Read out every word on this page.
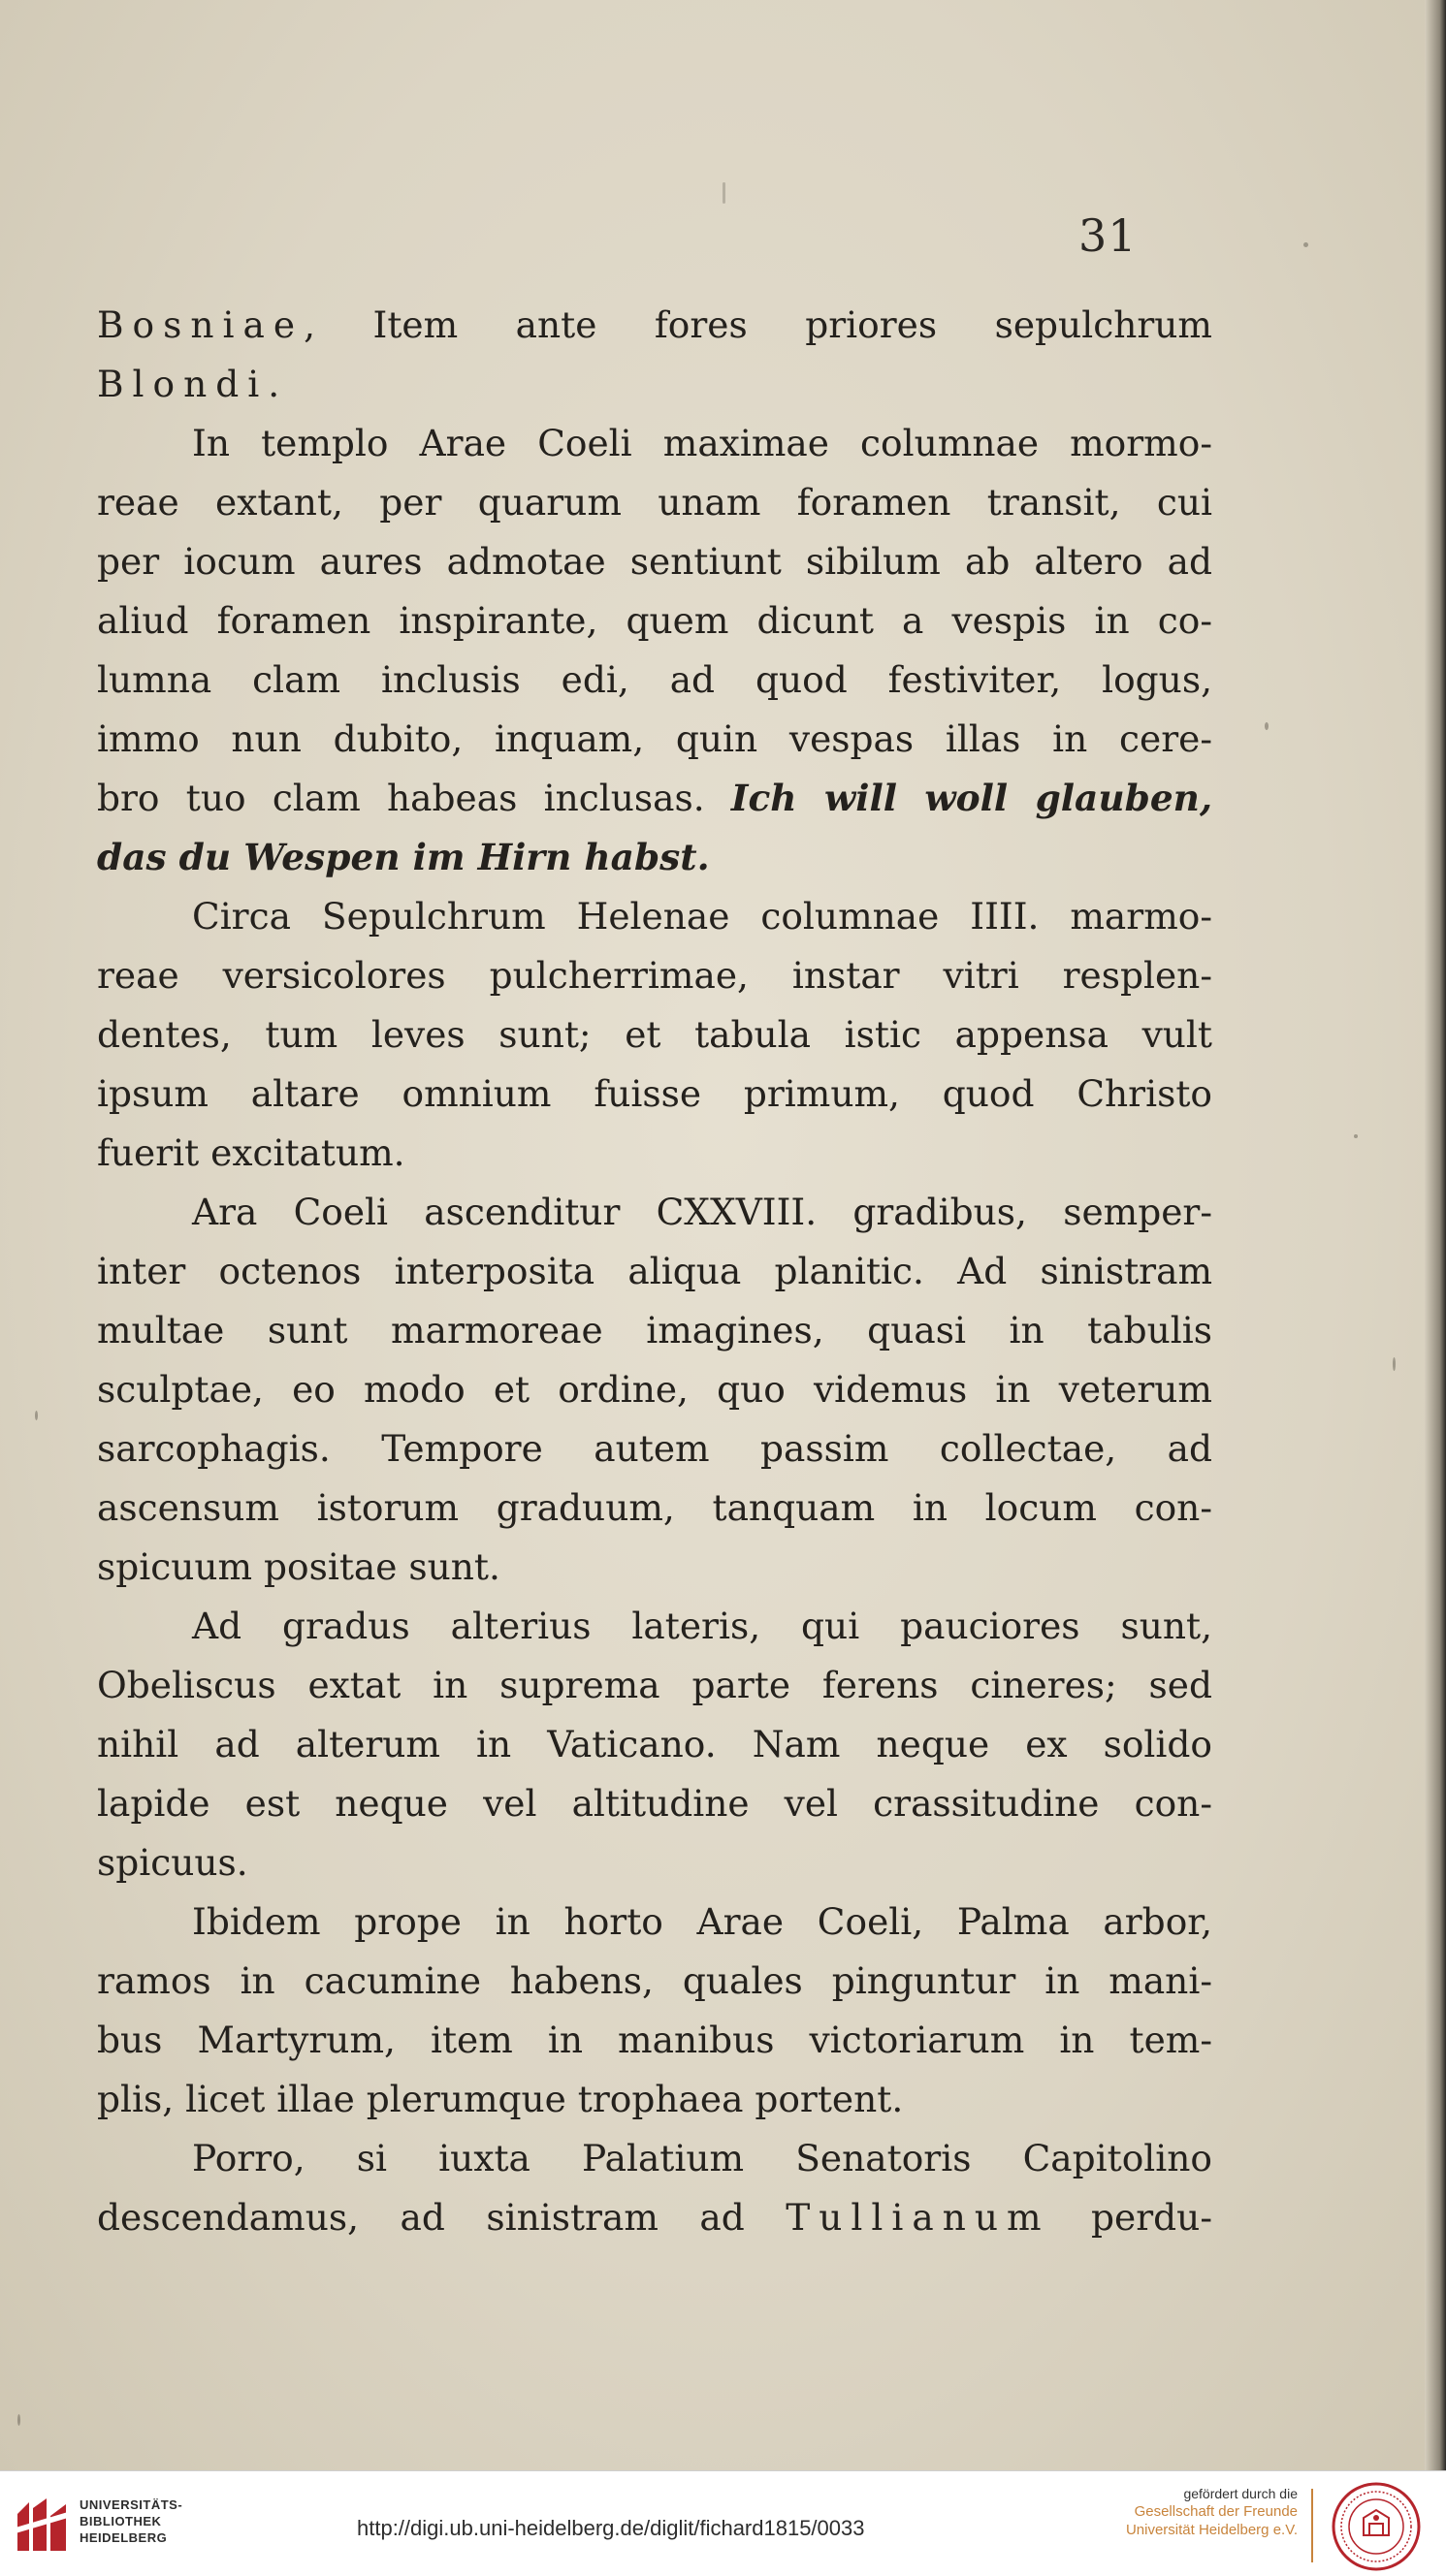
31
Bosniae, Item ante fores priores sepulchrum
Blondi.
In templo Arae Coeli maximae columnae mormo-
reae extant, per quarum unam foramen transit, cui
per iocum aures admotae sentiunt sibilum ab altero ad
aliud foramen inspirante, quem dicunt a vespis in co-
lumna clam inclusis edi, ad quod festiviter, logus,
immo nun dubito, inquam, quin vespas illas in cere-
bro tuo clam habeas inclusas. Ich will woll glauben,
das du Wespen im Hirn habst.
Circa Sepulchrum Helenae columnae IIII. marmo-
reae versicolores pulcherrimae, instar vitri resplen-
dentes, tum leves sunt; et tabula istic appensa vult
ipsum altare omnium fuisse primum, quod Christo
fuerit excitatum.
Ara Coeli ascenditur CXXVIII. gradibus, semper-
inter octenos interposita aliqua planitic. Ad sinistram
multae sunt marmoreae imagines, quasi in tabulis
sculptae, eo modo et ordine, quo videmus in veterum
sarcophagis. Tempore autem passim collectae, ad
ascensum istorum graduum, tanquam in locum con-
spicuum positae sunt.
Ad gradus alterius lateris, qui pauciores sunt,
Obeliscus extat in suprema parte ferens cineres; sed
nihil ad alterum in Vaticano. Nam neque ex solido
lapide est neque vel altitudine vel crassitudine con-
spicuus.
Ibidem prope in horto Arae Coeli, Palma arbor,
ramos in cacumine habens, quales pinguntur in mani-
bus Martyrum, item in manibus victoriarum in tem-
plis, licet illae plerumque trophaea portent.
Porro, si iuxta Palatium Senatoris Capitolino
descendamus, ad sinistram ad Tullianum perdu-
UNIVERSITÄTS-
BIBLIOTHEK
HEIDELBERG	http://digi.ub.uni-heidelberg.de/diglit/fichard1815/0033
gefördert durch die
Gesellschaft der Freunde
Universität Heidelberg e.V.
